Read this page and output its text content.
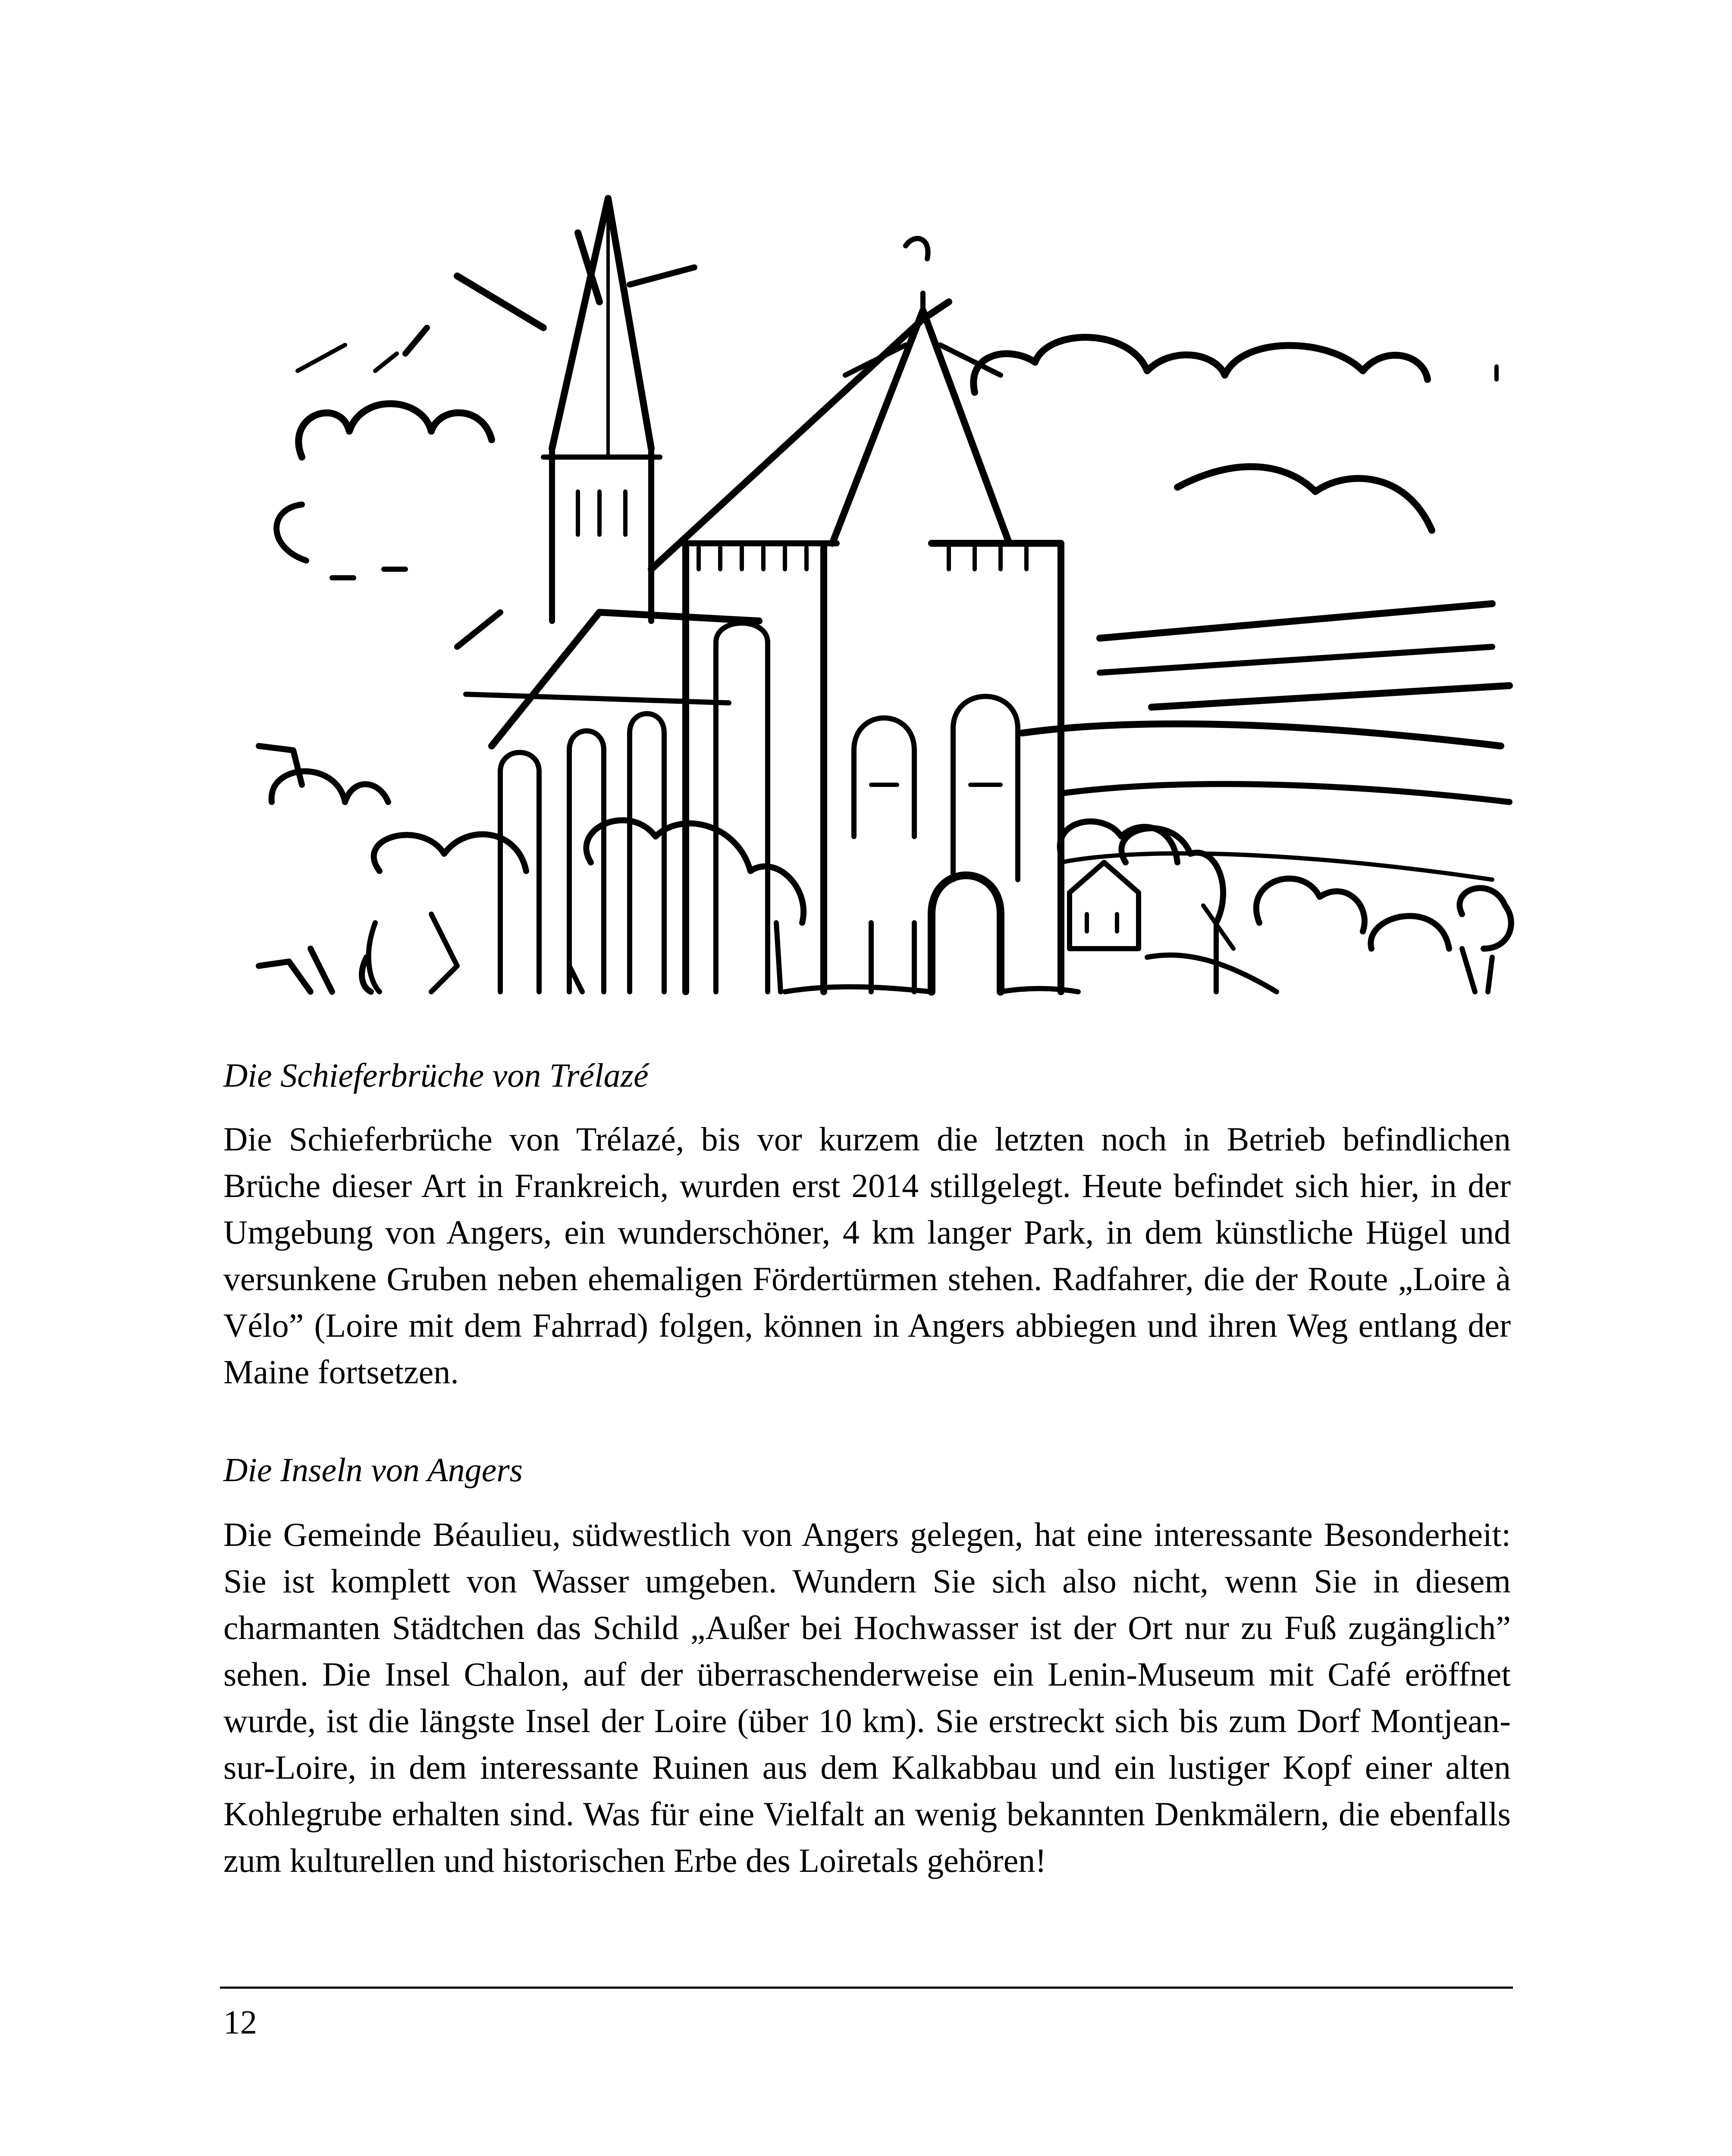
Die Schieferbrüche von Trélazé
Die Schieferbrüche von Trélazé, bis vor kurzem die letzten noch in Betrieb befindlichen Brüche dieser Art in Frankreich, wurden erst 2014 stillgelegt. Heute befindet sich hier, in der Umgebung von Angers, ein wunderschöner, 4 km langer Park, in dem künstliche Hügel und versunkene Gruben neben ehemaligen Fördertürmen stehen. Radfahrer, die der Route „Loire à Vélo” (Loire mit dem Fahrrad) folgen, können in Angers abbiegen und ihren Weg entlang der Maine fortsetzen.
Die Inseln von Angers
Die Gemeinde Béaulieu, südwestlich von Angers gelegen, hat eine interessante Besonderheit: Sie ist komplett von Wasser umgeben. Wundern Sie sich also nicht, wenn Sie in diesem charmanten Städtchen das Schild „Außer bei Hochwasser ist der Ort nur zu Fuß zugänglich” sehen. Die Insel Chalon, auf der überraschenderweise ein Lenin-Museum mit Café eröffnet wurde, ist die längste Insel der Loire (über 10 km). Sie erstreckt sich bis zum Dorf Montjean-sur-Loire, in dem interessante Ruinen aus dem Kalkabbau und ein lustiger Kopf einer alten Kohlegrube erhalten sind. Was für eine Vielfalt an wenig bekannten Denkmälern, die ebenfalls zum kulturellen und historischen Erbe des Loiretals gehören!
12
